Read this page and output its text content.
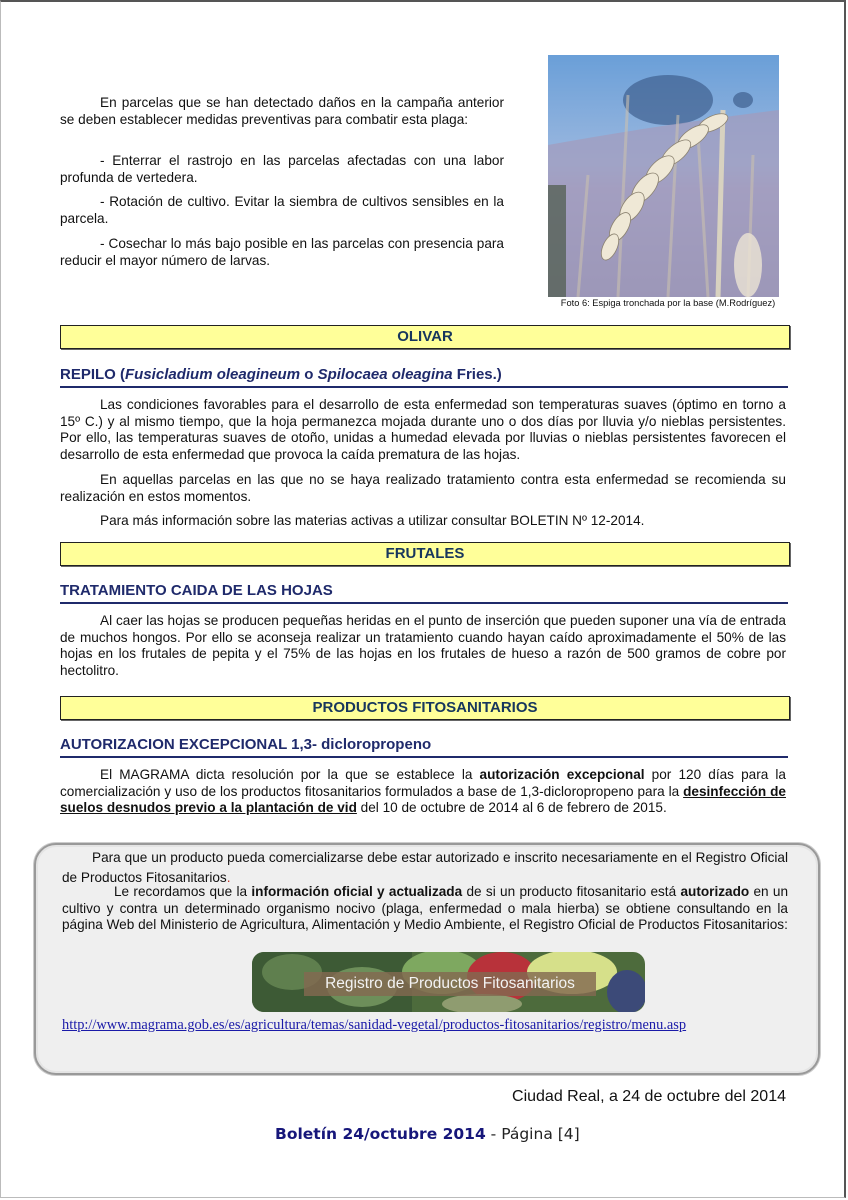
En parcelas que se han detectado daños en la campaña anterior se deben establecer medidas preventivas para combatir esta plaga:

- Enterrar el rastrojo en las parcelas afectadas con una labor profunda de vertedera.

- Rotación de cultivo. Evitar la siembra de cultivos sensibles en la parcela.

- Cosechar lo más bajo posible en las parcelas con presencia para reducir el mayor número de larvas.

Foto 6: Espiga tronchada por la base (M.Rodríguez)
OLIVAR
REPILO (Fusicladium oleagineum o Spilocaea oleagina Fries.)

Las condiciones favorables para el desarrollo de esta enfermedad son temperaturas suaves (óptimo en torno a 15º C.) y al mismo tiempo, que la hoja permanezca mojada durante uno o dos días por lluvia y/o nieblas persistentes. Por ello, las temperaturas suaves de otoño, unidas a humedad elevada por lluvias o nieblas persistentes favorecen el desarrollo de esta enfermedad que provoca la caída prematura de las hojas.

En aquellas parcelas en las que no se haya realizado tratamiento contra esta enfermedad se recomienda su realización en estos momentos.

Para más información sobre las materias activas a utilizar consultar BOLETIN Nº 12-2014.

FRUTALES
TRATAMIENTO CAIDA DE LAS HOJAS

Al caer las hojas se producen pequeñas heridas en el punto de inserción que pueden suponer una vía de entrada de muchos hongos. Por ello se aconseja realizar un tratamiento cuando hayan caído aproximadamente el 50% de las hojas en los frutales de pepita y el 75% de las hojas en los frutales de hueso a razón de 500 gramos de cobre por hectolitro.

PRODUCTOS FITOSANITARIOS
AUTORIZACION EXCEPCIONAL 1,3- dicloropropeno

El MAGRAMA dicta resolución por la que se establece la autorización excepcional por 120 días para la comercialización y uso de los productos fitosanitarios formulados a base de 1,3-dicloropropeno para la desinfección de suelos desnudos previo a la plantación de vid del 10 de octubre de 2014 al 6 de febrero de 2015.

Para que un producto pueda comercializarse debe estar autorizado e inscrito necesariamente en el Registro Oficial de Productos Fitosanitarios.

Le recordamos que la información oficial y actualizada de si un producto fitosanitario está autorizado en un cultivo y contra un determinado organismo nocivo (plaga, enfermedad o mala hierba) se obtiene consultando en la página Web del Ministerio de Agricultura, Alimentación y Medio Ambiente, el Registro Oficial de Productos Fitosanitarios:

Registro de Productos Fitosanitarios
http://www.magrama.gob.es/es/agricultura/temas/sanidad-vegetal/productos-fitosanitarios/registro/menu.asp
Ciudad Real, a 24 de octubre del 2014
Boletín 24/octubre 2014 - Página [4]
